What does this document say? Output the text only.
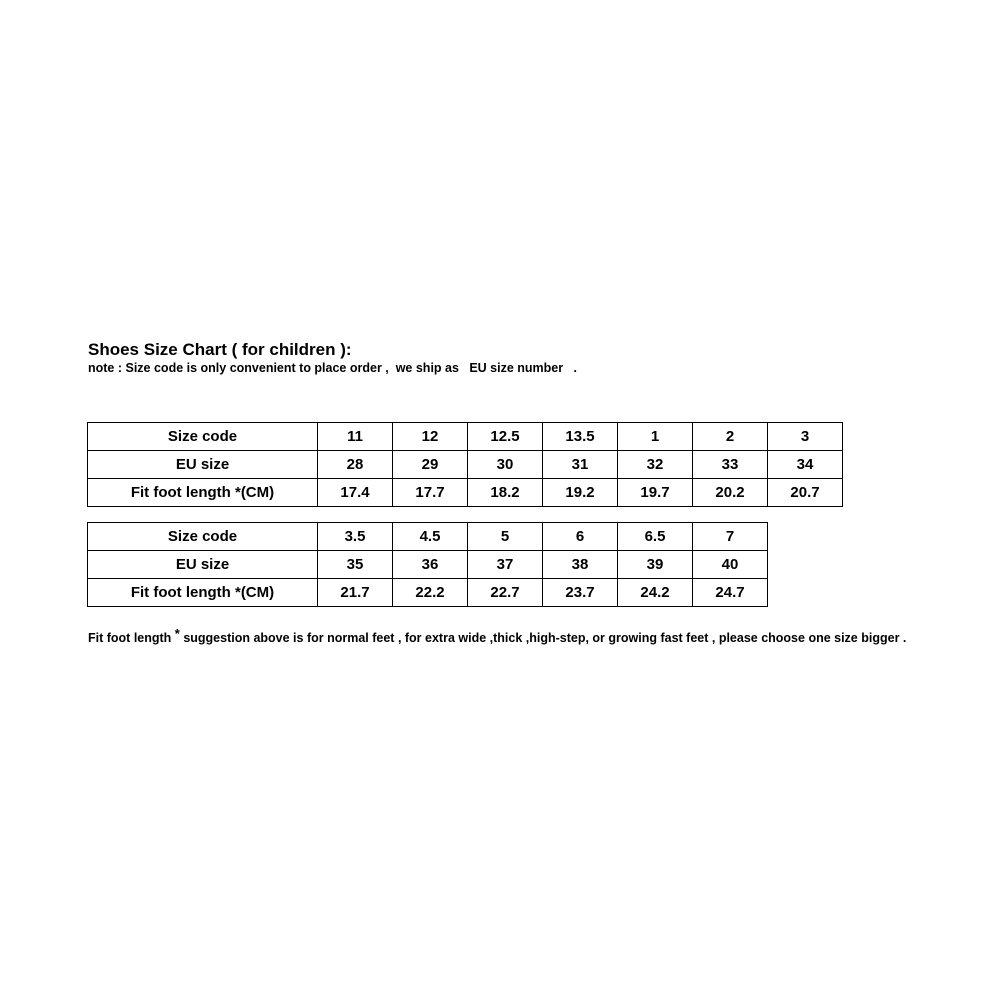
Shoes Size Chart ( for children ):
note : Size code is only convenient to place order ,  we ship as   EU size number   .
Size code	11	12	12.5	13.5	1	2	3
EU size	28	29	30	31	32	33	34
Fit foot length *(CM)	17.4	17.7	18.2	19.2	19.7	20.2	20.7
Size code	3.5	4.5	5	6	6.5	7
EU size	35	36	37	38	39	40
Fit foot length *(CM)	21.7	22.2	22.7	23.7	24.2	24.7
Fit foot length * suggestion above is for normal feet , for extra wide ,thick ,high-step, or growing fast feet , please choose one size bigger .
